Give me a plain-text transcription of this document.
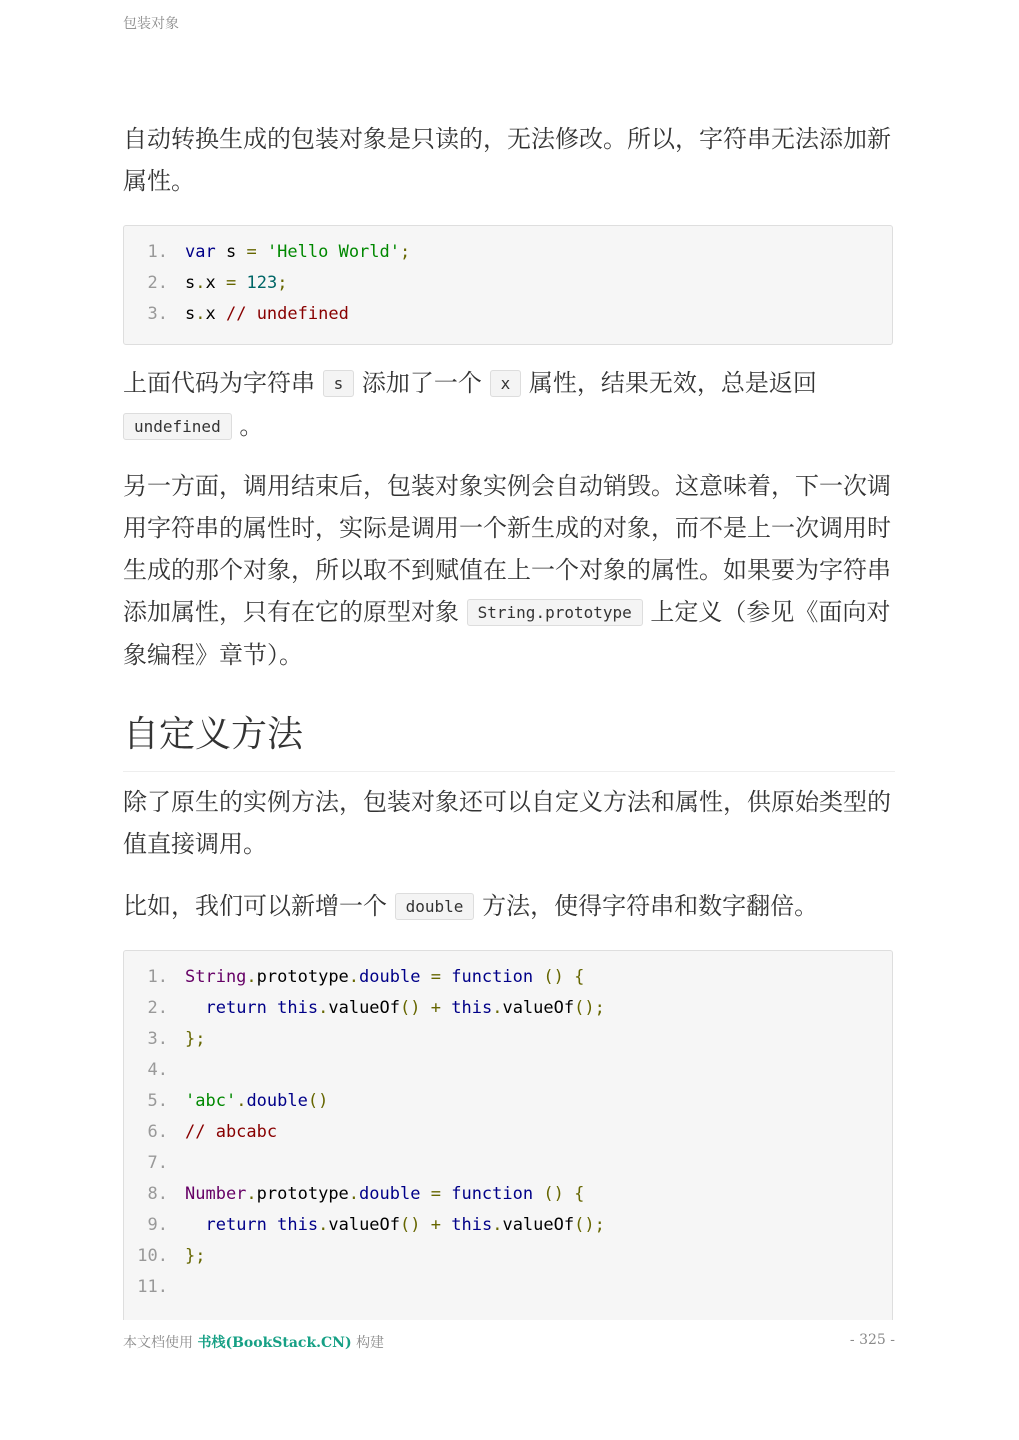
包装对象

自动转换生成的包装对象是只读的，无法修改。所以，字符串无法添加新属性。

1. var s = 'Hello World';
2. s.x = 123;
3. s.x // undefined

上面代码为字符串 s 添加了一个 x 属性，结果无效，总是返回 undefined 。

另一方面，调用结束后，包装对象实例会自动销毁。这意味着，下一次调用字符串的属性时，实际是调用一个新生成的对象，而不是上一次调用时生成的那个对象，所以取不到赋值在上一个对象的属性。如果要为字符串添加属性，只有在它的原型对象 String.prototype 上定义（参见《面向对象编程》章节）。

自定义方法

除了原生的实例方法，包装对象还可以自定义方法和属性，供原始类型的值直接调用。

比如，我们可以新增一个 double 方法，使得字符串和数字翻倍。

1. String.prototype.double = function () {
2. return this.valueOf() + this.valueOf();
3. };
4.
5. 'abc'.double()
6. // abcabc
7.
8. Number.prototype.double = function () {
9. return this.valueOf() + this.valueOf();
10. };
11.
本文档使用 书栈(BookStack.CN) 构建	- 325 -
